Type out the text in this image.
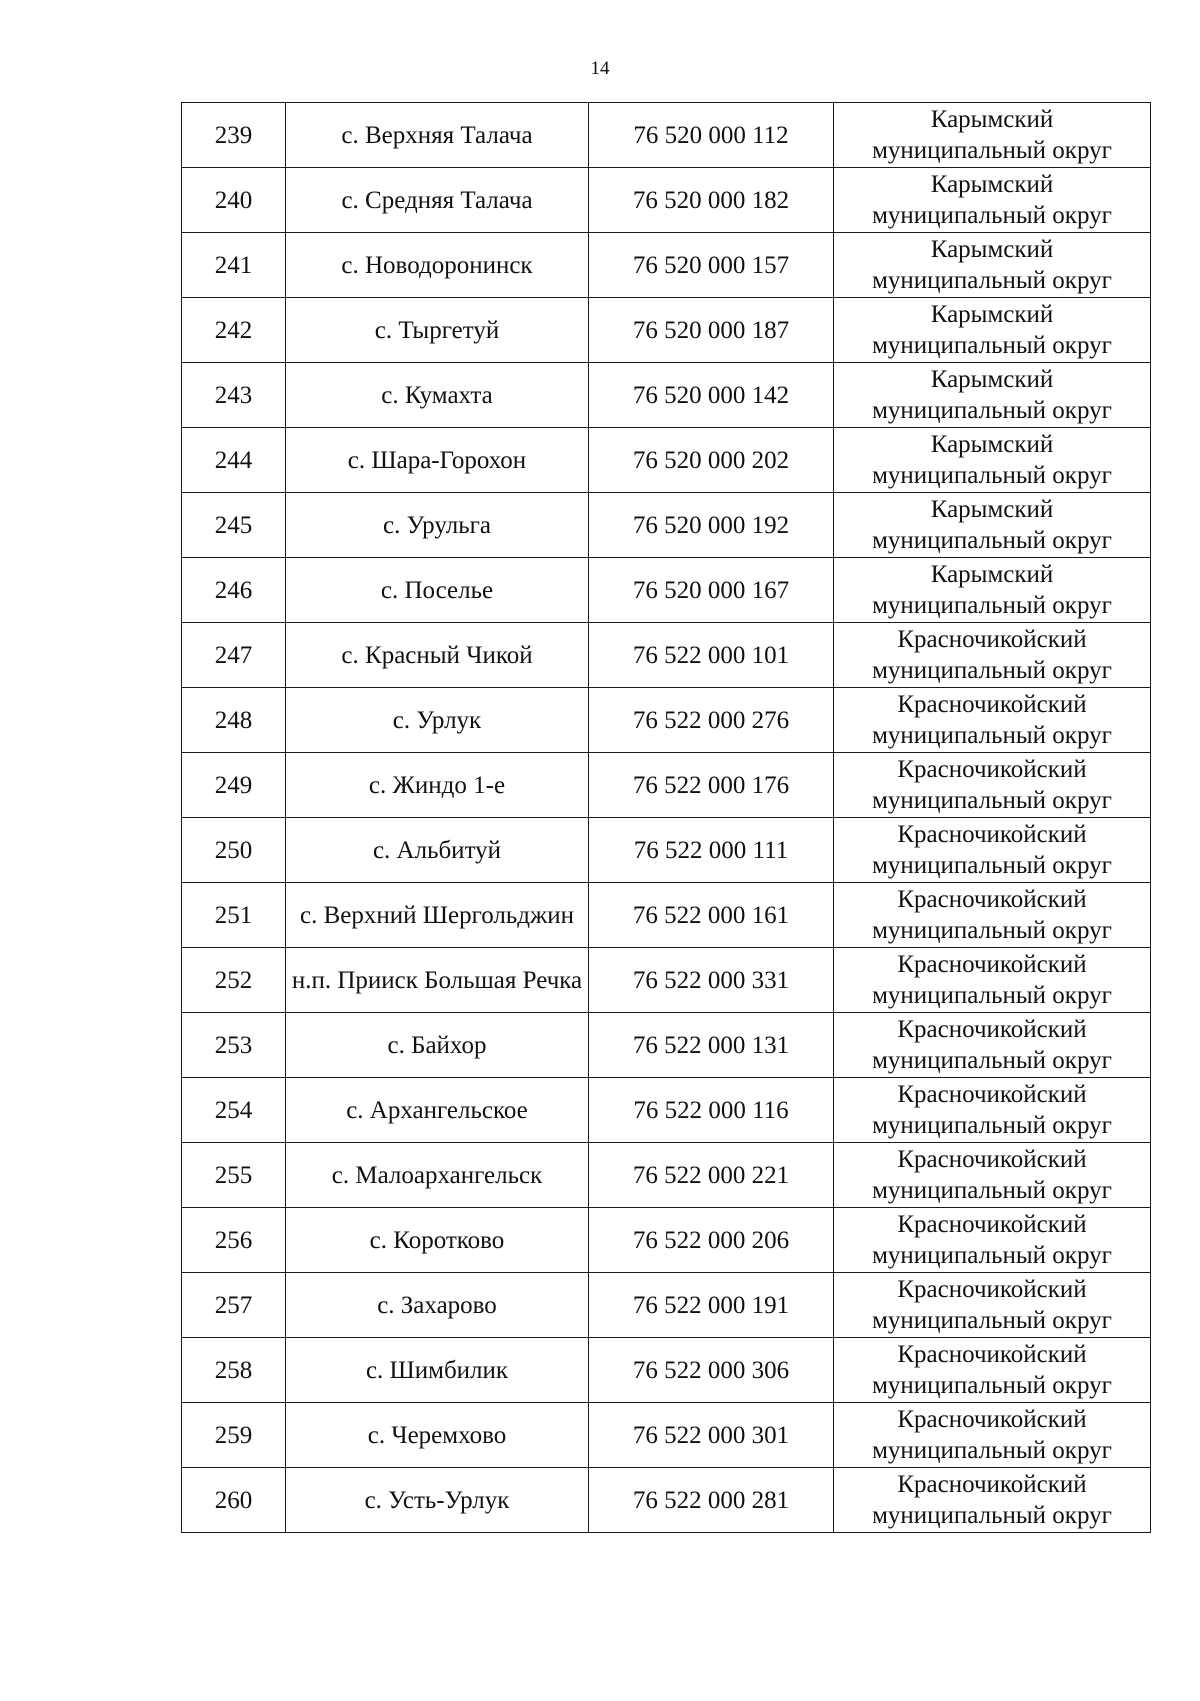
14
239	с. Верхняя Талача	76 520 000 112	Карымский
муниципальный округ

240	с. Средняя Талача	76 520 000 182	Карымский
муниципальный округ

241	с. Новодоронинск	76 520 000 157	Карымский
муниципальный округ

242	с. Тыргетуй	76 520 000 187	Карымский
муниципальный округ

243	с. Кумахта	76 520 000 142	Карымский
муниципальный округ

244	с. Шара-Горохон	76 520 000 202	Карымский
муниципальный округ

245	с. Урульга	76 520 000 192	Карымский
муниципальный округ

246	с. Поселье	76 520 000 167	Карымский
муниципальный округ

247	с. Красный Чикой	76 522 000 101	Красночикойский
муниципальный округ

248	с. Урлук	76 522 000 276	Красночикойский
муниципальный округ

249	с. Жиндо 1-е	76 522 000 176	Красночикойский
муниципальный округ

250	с. Альбитуй	76 522 000 111	Красночикойский
муниципальный округ

251	с. Верхний Шергольджин	76 522 000 161	Красночикойский
муниципальный округ

252	н.п. Прииск Большая Речка	76 522 000 331	Красночикойский
муниципальный округ

253	с. Байхор	76 522 000 131	Красночикойский
муниципальный округ

254	с. Архангельское	76 522 000 116	Красночикойский
муниципальный округ

255	с. Малоархангельск	76 522 000 221	Красночикойский
муниципальный округ

256	с. Коротково	76 522 000 206	Красночикойский
муниципальный округ

257	с. Захарово	76 522 000 191	Красночикойский
муниципальный округ

258	с. Шимбилик	76 522 000 306	Красночикойский
муниципальный округ

259	с. Черемхово	76 522 000 301	Красночикойский
муниципальный округ

260	с. Усть-Урлук	76 522 000 281	Красночикойский
муниципальный округ
